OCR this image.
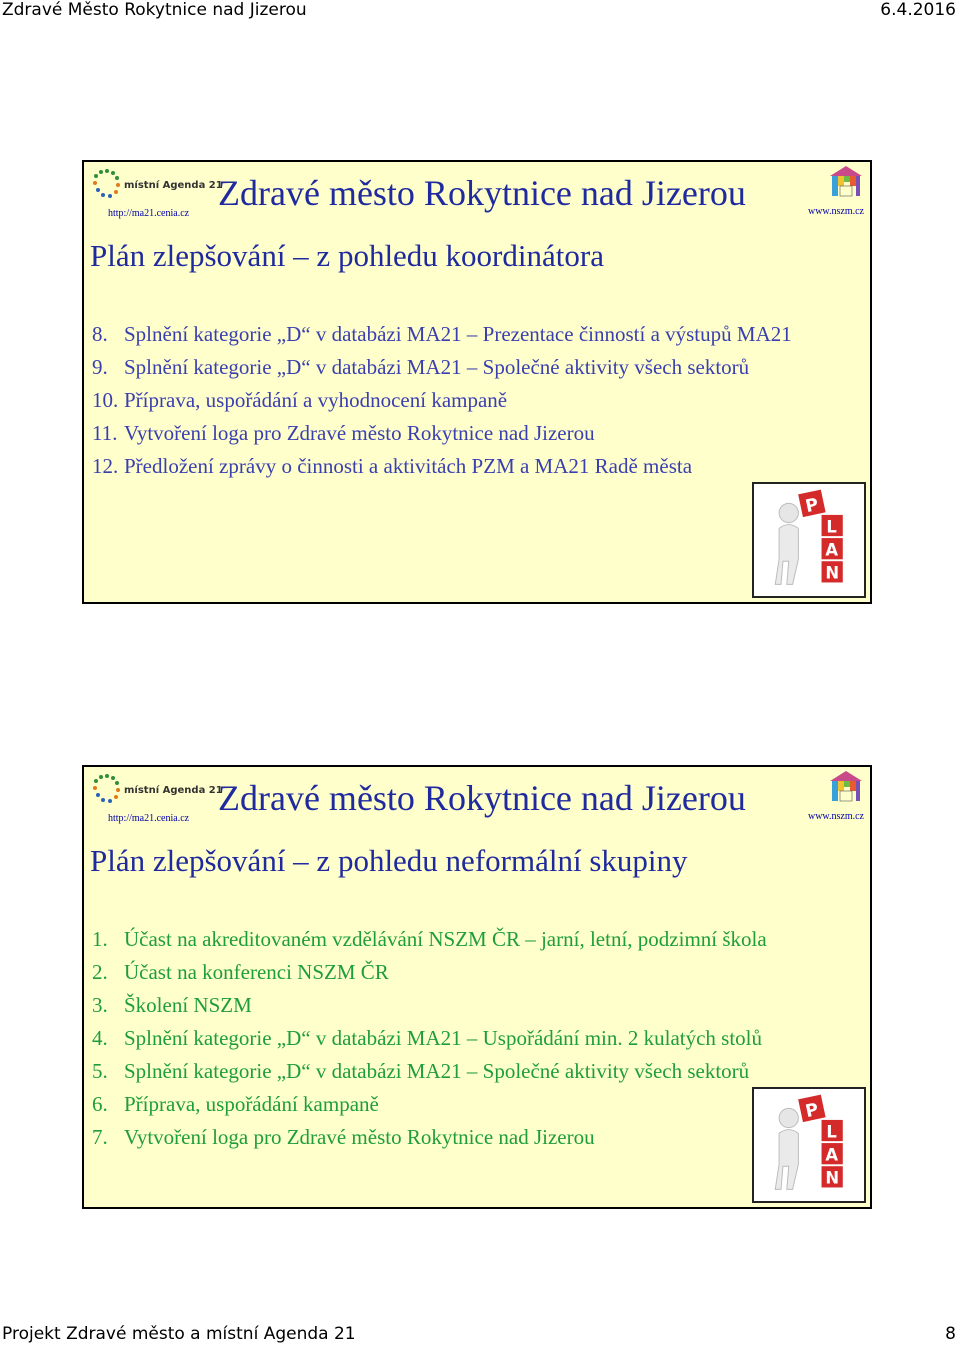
Zdravé Město Rokytnice nad Jizerou	6.4.2016
místní Agenda 21
http://ma21.cenia.cz
Zdravé město Rokytnice nad Jizerou	www.nszm.cz
Plán zlepšování – z pohledu koordinátora
8. Splnění kategorie „D“ v databázi MA21 – Prezentace činností a výstupů MA21
9. Splnění kategorie „D“ v databázi MA21 – Společné aktivity všech sektorů
10. Příprava, uspořádání a vyhodnocení kampaně
11. Vytvoření loga pro Zdravé město Rokytnice nad Jizerou
12. Předložení zprávy o činnosti a aktivitách PZM a MA21 Radě města
P
L
A
N
místní Agenda 21
http://ma21.cenia.cz
Zdravé město Rokytnice nad Jizerou	www.nszm.cz
Plán zlepšování – z pohledu neformální skupiny
1. Účast na akreditovaném vzdělávání NSZM ČR – jarní, letní, podzimní škola
2. Účast na konferenci NSZM ČR
3. Školení NSZM
4. Splnění kategorie „D“ v databázi MA21 – Uspořádání min. 2 kulatých stolů
5. Splnění kategorie „D“ v databázi MA21 – Společné aktivity všech sektorů
6. Příprava, uspořádání kampaně
7. Vytvoření loga pro Zdravé město Rokytnice nad Jizerou
P
L
A
N
Projekt Zdravé město a místní Agenda 21	8
